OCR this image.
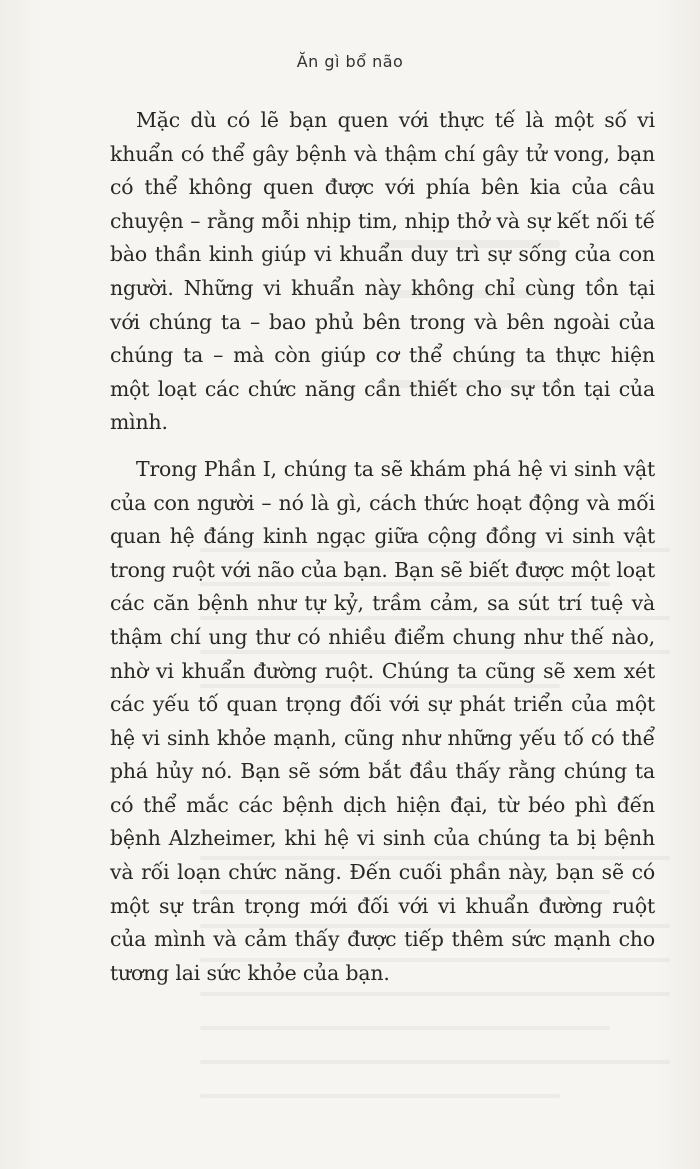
Ăn gì bổ não

Mặc dù có lẽ bạn quen với thực tế là một số vi khuẩn có thể gây bệnh và thậm chí gây tử vong, bạn có thể không quen được với phía bên kia của câu chuyện – rằng mỗi nhịp tim, nhịp thở và sự kết nối tế bào thần kinh giúp vi khuẩn duy trì sự sống của con người. Những vi khuẩn này không chỉ cùng tồn tại với chúng ta – bao phủ bên trong và bên ngoài của chúng ta – mà còn giúp cơ thể chúng ta thực hiện một loạt các chức năng cần thiết cho sự tồn tại của mình.

Trong Phần I, chúng ta sẽ khám phá hệ vi sinh vật của con người – nó là gì, cách thức hoạt động và mối quan hệ đáng kinh ngạc giữa cộng đồng vi sinh vật trong ruột với não của bạn. Bạn sẽ biết được một loạt các căn bệnh như tự kỷ, trầm cảm, sa sút trí tuệ và thậm chí ung thư có nhiều điểm chung như thế nào, nhờ vi khuẩn đường ruột. Chúng ta cũng sẽ xem xét các yếu tố quan trọng đối với sự phát triển của một hệ vi sinh khỏe mạnh, cũng như những yếu tố có thể phá hủy nó. Bạn sẽ sớm bắt đầu thấy rằng chúng ta có thể mắc các bệnh dịch hiện đại, từ béo phì đến bệnh Alzheimer, khi hệ vi sinh của chúng ta bị bệnh và rối loạn chức năng. Đến cuối phần này, bạn sẽ có một sự trân trọng mới đối với vi khuẩn đường ruột của mình và cảm thấy được tiếp thêm sức mạnh cho tương lai sức khỏe của bạn.
